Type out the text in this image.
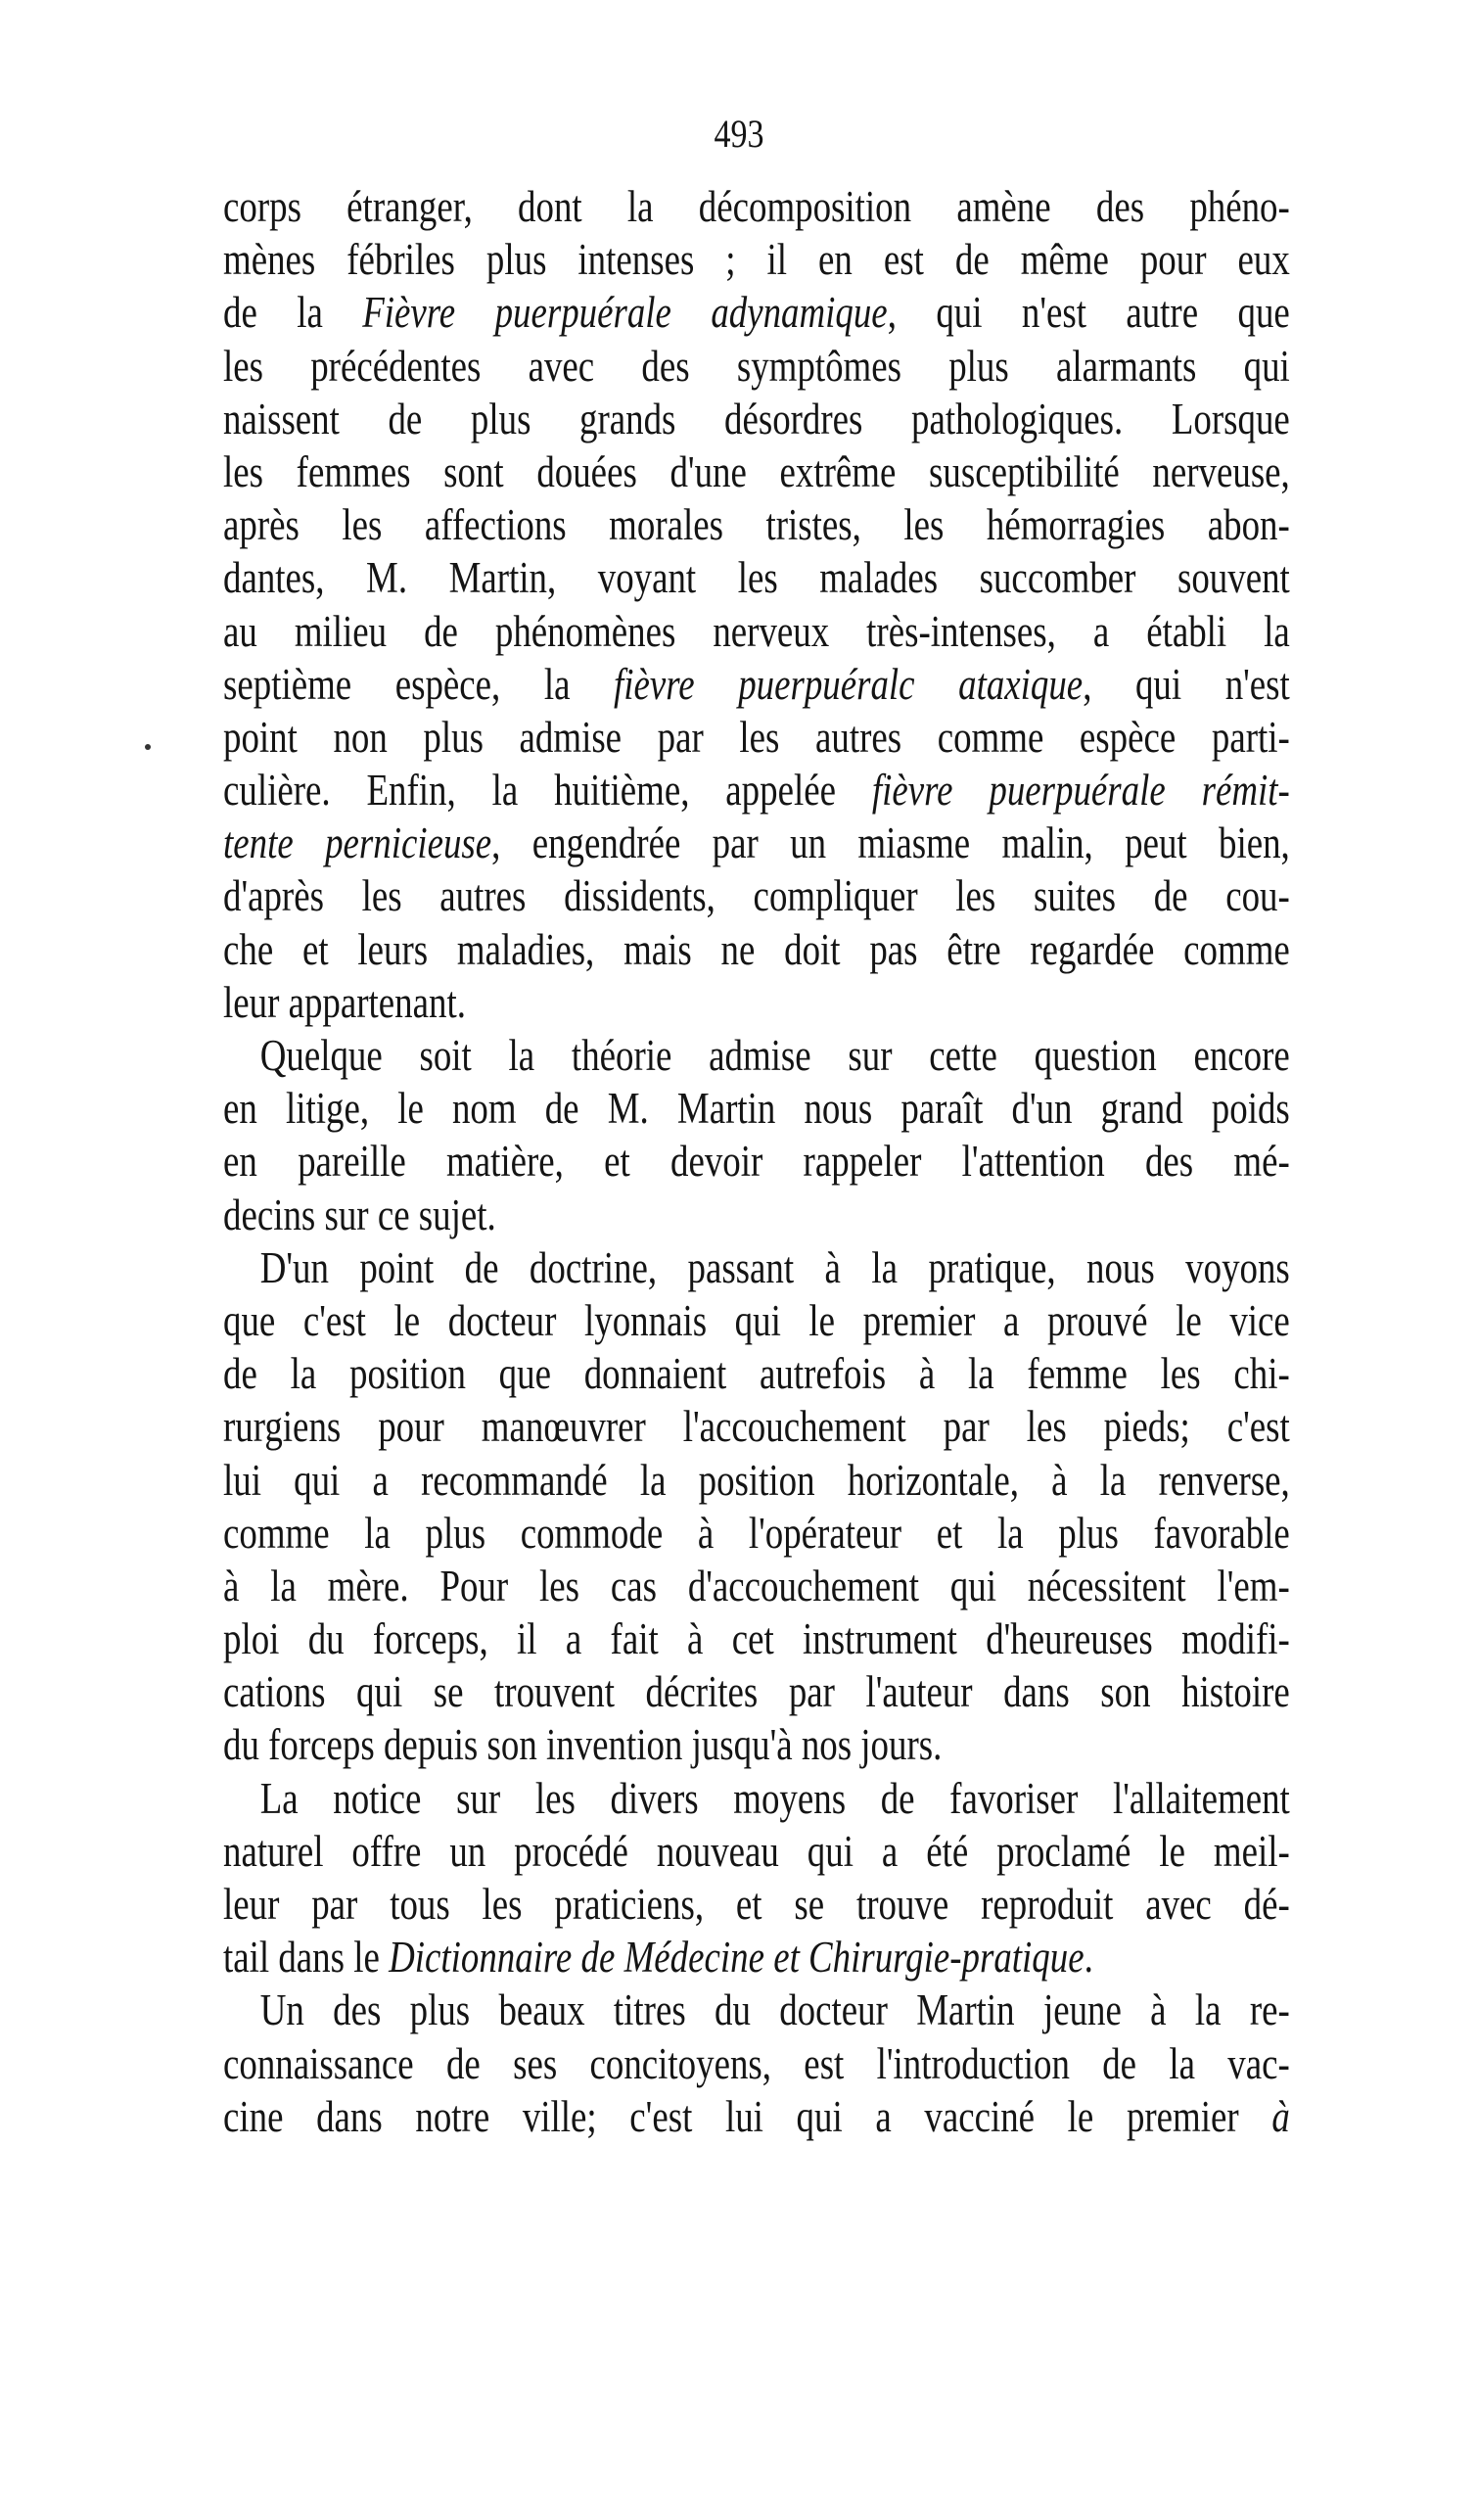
493
corps étranger, dont la décomposition amène des phéno-
mènes fébriles plus intenses ; il en est de même pour eux
de la Fièvre puerpuérale adynamique, qui n'est autre que
les précédentes avec des symptômes plus alarmants qui
naissent de plus grands désordres pathologiques. Lorsque
les femmes sont douées d'une extrême susceptibilité nerveuse,
après les affections morales tristes, les hémorragies abon-
dantes, M. Martin, voyant les malades succomber souvent
au milieu de phénomènes nerveux très-intenses, a établi la
septième espèce, la fièvre puerpuéralc ataxique, qui n'est
point non plus admise par les autres comme espèce parti-
culière. Enfin, la huitième, appelée fièvre puerpuérale rémit-
tente pernicieuse, engendrée par un miasme malin, peut bien,
d'après les autres dissidents, compliquer les suites de cou-
che et leurs maladies, mais ne doit pas être regardée comme
leur appartenant.
Quelque soit la théorie admise sur cette question encore
en litige, le nom de M. Martin nous paraît d'un grand poids
en pareille matière, et devoir rappeler l'attention des mé-
decins sur ce sujet.
D'un point de doctrine, passant à la pratique, nous voyons
que c'est le docteur lyonnais qui le premier a prouvé le vice
de la position que donnaient autrefois à la femme les chi-
rurgiens pour manœuvrer l'accouchement par les pieds; c'est
lui qui a recommandé la position horizontale, à la renverse,
comme la plus commode à l'opérateur et la plus favorable
à la mère. Pour les cas d'accouchement qui nécessitent l'em-
ploi du forceps, il a fait à cet instrument d'heureuses modifi-
cations qui se trouvent décrites par l'auteur dans son histoire
du forceps depuis son invention jusqu'à nos jours.
La notice sur les divers moyens de favoriser l'allaitement
naturel offre un procédé nouveau qui a été proclamé le meil-
leur par tous les praticiens, et se trouve reproduit avec dé-
tail dans le Dictionnaire de Médecine et Chirurgie-pratique.
Un des plus beaux titres du docteur Martin jeune à la re-
connaissance de ses concitoyens, est l'introduction de la vac-
cine dans notre ville; c'est lui qui a vacciné le premier à
